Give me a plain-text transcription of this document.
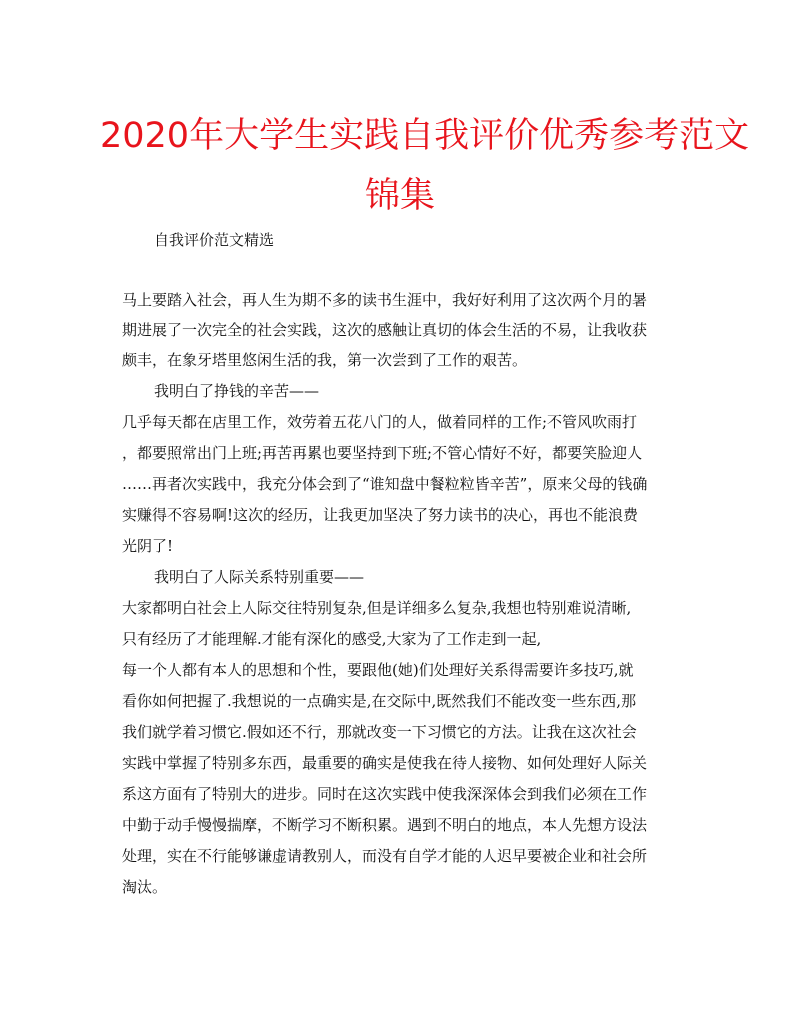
2020年大学生实践自我评价优秀参考范文
锦集
自我评价范文精选
马上要踏入社会，再人生为期不多的读书生涯中，我好好利用了这次两个月的暑
期进展了一次完全的社会实践，这次的感触让真切的体会生活的不易，让我收获
颇丰，在象牙塔里悠闲生活的我，第一次尝到了工作的艰苦。
我明白了挣钱的辛苦——
几乎每天都在店里工作，效劳着五花八门的人，做着同样的工作;不管风吹雨打
，都要照常出门上班;再苦再累也要坚持到下班;不管心情好不好，都要笑脸迎人
……再者次实践中，我充分体会到了“谁知盘中餐粒粒皆辛苦”，原来父母的钱确
实赚得不容易啊!这次的经历，让我更加坚决了努力读书的决心，再也不能浪费
光阴了!
我明白了人际关系特别重要——
大家都明白社会上人际交往特别复杂,但是详细多么复杂,我想也特别难说清晰,
只有经历了才能理解.才能有深化的感受,大家为了工作走到一起,
每一个人都有本人的思想和个性，要跟他(她)们处理好关系得需要许多技巧,就
看你如何把握了.我想说的一点确实是,在交际中,既然我们不能改变一些东西,那
我们就学着习惯它.假如还不行，那就改变一下习惯它的方法。让我在这次社会
实践中掌握了特别多东西，最重要的确实是使我在待人接物、如何处理好人际关
系这方面有了特别大的进步。同时在这次实践中使我深深体会到我们必须在工作
中勤于动手慢慢揣摩，不断学习不断积累。遇到不明白的地点，本人先想方设法
处理，实在不行能够谦虚请教别人，而没有自学才能的人迟早要被企业和社会所
淘汰。
